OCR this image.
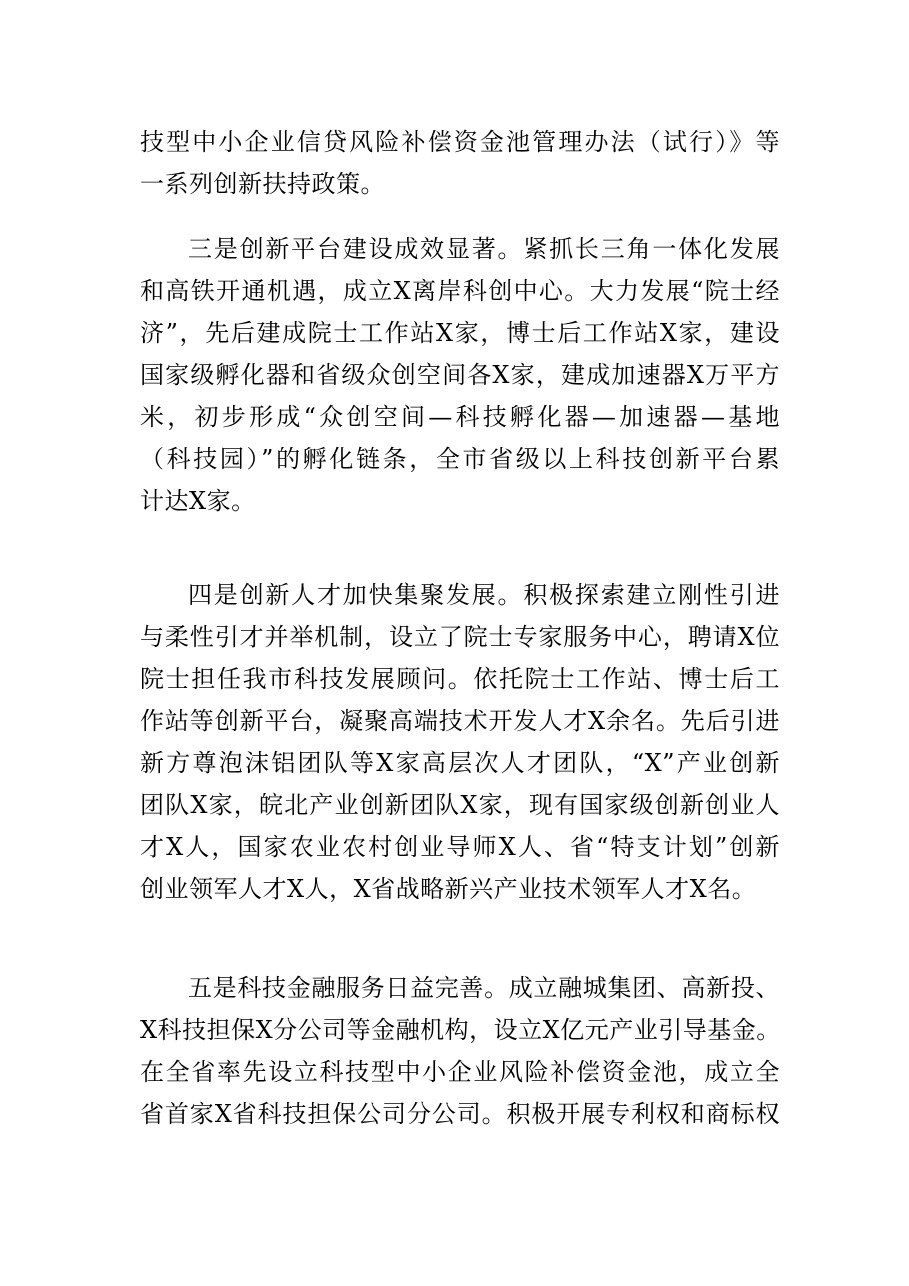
技型中小企业信贷风险补偿资金池管理办法（试行）》等
一系列创新扶持政策。
三是创新平台建设成效显著。紧抓长三角一体化发展
和高铁开通机遇，成立X离岸科创中心。大力发展“院士经
济”，先后建成院士工作站X家，博士后工作站X家，建设
国家级孵化器和省级众创空间各X家，建成加速器X万平方
米，初步形成“众创空间—科技孵化器—加速器—基地
（科技园）”的孵化链条，全市省级以上科技创新平台累
计达X家。
四是创新人才加快集聚发展。积极探索建立刚性引进
与柔性引才并举机制，设立了院士专家服务中心，聘请X位
院士担任我市科技发展顾问。依托院士工作站、博士后工
作站等创新平台，凝聚高端技术开发人才X余名。先后引进
新方尊泡沫铝团队等X家高层次人才团队，“X”产业创新
团队X家，皖北产业创新团队X家，现有国家级创新创业人
才X人，国家农业农村创业导师X人、省“特支计划”创新
创业领军人才X人，X省战略新兴产业技术领军人才X名。
五是科技金融服务日益完善。成立融城集团、高新投、
X科技担保X分公司等金融机构，设立X亿元产业引导基金。
在全省率先设立科技型中小企业风险补偿资金池，成立全
省首家X省科技担保公司分公司。积极开展专利权和商标权
